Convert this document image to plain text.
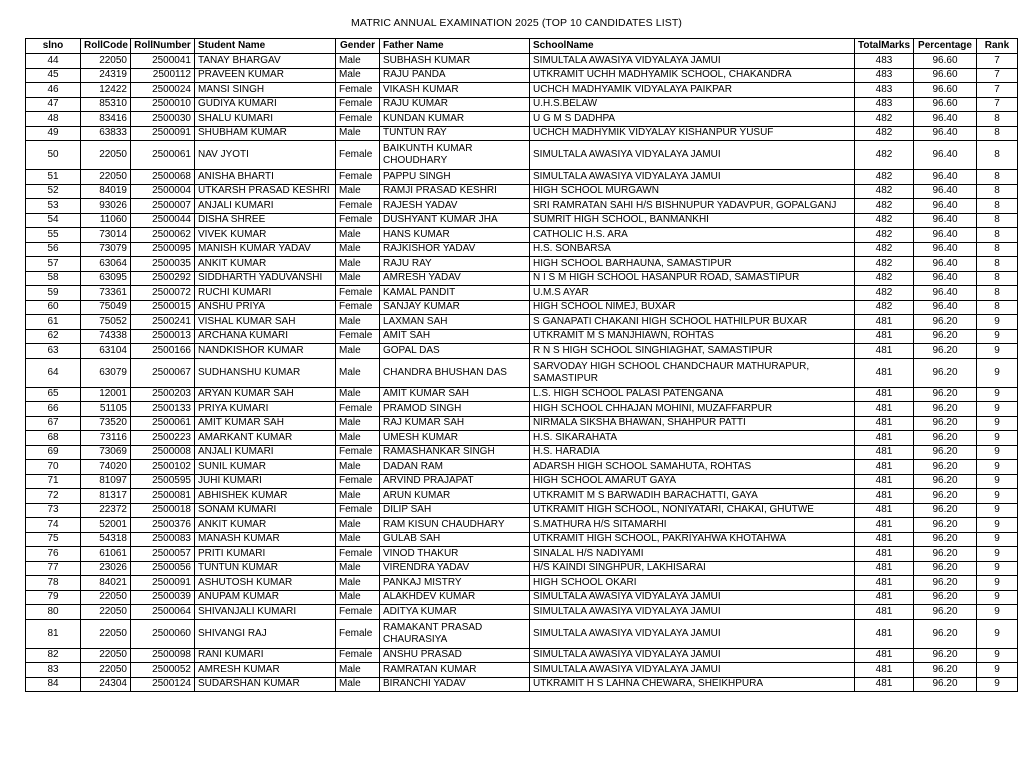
MATRIC ANNUAL EXAMINATION 2025 (TOP 10 CANDIDATES LIST)
slno	RollCode	RollNumber	Student Name	Gender	Father Name	SchoolName	TotalMarks	Percentage	Rank
44	22050	2500041	TANAY BHARGAV	Male	SUBHASH KUMAR	SIMULTALA AWASIYA VIDYALAYA JAMUI	483	96.60	7
45	24319	2500112	PRAVEEN KUMAR	Male	RAJU PANDA	UTKRAMIT UCHH MADHYAMIK SCHOOL, CHAKANDRA	483	96.60	7
46	12422	2500024	MANSI SINGH	Female	VIKASH KUMAR	UCHCH MADHYAMIK VIDYALAYA PAIKPAR	483	96.60	7
47	85310	2500010	GUDIYA KUMARI	Female	RAJU KUMAR	U.H.S.BELAW	483	96.60	7
48	83416	2500030	SHALU KUMARI	Female	KUNDAN KUMAR	U G M S DADHPA	482	96.40	8
49	63833	2500091	SHUBHAM KUMAR	Male	TUNTUN RAY	UCHCH MADHYMIK VIDYALAY KISHANPUR YUSUF	482	96.40	8
50	22050	2500061	NAV JYOTI	Female	BAIKUNTH KUMAR CHOUDHARY	SIMULTALA AWASIYA VIDYALAYA JAMUI	482	96.40	8
51	22050	2500068	ANISHA BHARTI	Female	PAPPU SINGH	SIMULTALA AWASIYA VIDYALAYA JAMUI	482	96.40	8
52	84019	2500004	UTKARSH PRASAD KESHRI	Male	RAMJI PRASAD KESHRI	HIGH SCHOOL MURGAWN	482	96.40	8
53	93026	2500007	ANJALI KUMARI	Female	RAJESH YADAV	SRI RAMRATAN SAHI H/S BISHNUPUR YADAVPUR, GOPALGANJ	482	96.40	8
54	11060	2500044	DISHA SHREE	Female	DUSHYANT KUMAR JHA	SUMRIT HIGH SCHOOL, BANMANKHI	482	96.40	8
55	73014	2500062	VIVEK KUMAR	Male	HANS KUMAR	CATHOLIC H.S. ARA	482	96.40	8
56	73079	2500095	MANISH KUMAR YADAV	Male	RAJKISHOR YADAV	H.S. SONBARSA	482	96.40	8
57	63064	2500035	ANKIT KUMAR	Male	RAJU RAY	HIGH SCHOOL BARHAUNA, SAMASTIPUR	482	96.40	8
58	63095	2500292	SIDDHARTH YADUVANSHI	Male	AMRESH YADAV	N I S M HIGH SCHOOL HASANPUR ROAD, SAMASTIPUR	482	96.40	8
59	73361	2500072	RUCHI KUMARI	Female	KAMAL PANDIT	U.M.S AYAR	482	96.40	8
60	75049	2500015	ANSHU PRIYA	Female	SANJAY KUMAR	HIGH SCHOOL NIMEJ, BUXAR	482	96.40	8
61	75052	2500241	VISHAL KUMAR SAH	Male	LAXMAN SAH	S GANAPATI CHAKANI HIGH SCHOOL HATHILPUR BUXAR	481	96.20	9
62	74338	2500013	ARCHANA KUMARI	Female	AMIT SAH	UTKRAMIT M S MANJHIAWN, ROHTAS	481	96.20	9
63	63104	2500166	NANDKISHOR KUMAR	Male	GOPAL DAS	R N S HIGH SCHOOL SINGHIAGHAT, SAMASTIPUR	481	96.20	9
64	63079	2500067	SUDHANSHU KUMAR	Male	CHANDRA BHUSHAN DAS	SARVODAY HIGH SCHOOL CHANDCHAUR MATHURAPUR, SAMASTIPUR	481	96.20	9
65	12001	2500203	ARYAN KUMAR SAH	Male	AMIT KUMAR SAH	L.S. HIGH SCHOOL PALASI PATENGANA	481	96.20	9
66	51105	2500133	PRIYA KUMARI	Female	PRAMOD SINGH	HIGH SCHOOL CHHAJAN MOHINI, MUZAFFARPUR	481	96.20	9
67	73520	2500061	AMIT KUMAR SAH	Male	RAJ KUMAR SAH	NIRMALA SIKSHA BHAWAN, SHAHPUR PATTI	481	96.20	9
68	73116	2500223	AMARKANT KUMAR	Male	UMESH KUMAR	H.S. SIKARAHATA	481	96.20	9
69	73069	2500008	ANJALI KUMARI	Female	RAMASHANKAR SINGH	H.S. HARADIA	481	96.20	9
70	74020	2500102	SUNIL KUMAR	Male	DADAN RAM	ADARSH HIGH SCHOOL SAMAHUTA, ROHTAS	481	96.20	9
71	81097	2500595	JUHI KUMARI	Female	ARVIND PRAJAPAT	HIGH SCHOOL AMARUT GAYA	481	96.20	9
72	81317	2500081	ABHISHEK KUMAR	Male	ARUN KUMAR	UTKRAMIT M S BARWADIH BARACHATTI, GAYA	481	96.20	9
73	22372	2500018	SONAM KUMARI	Female	DILIP SAH	UTKRAMIT HIGH SCHOOL, NONIYATARI, CHAKAI, GHUTWE	481	96.20	9
74	52001	2500376	ANKIT KUMAR	Male	RAM KISUN CHAUDHARY	S.MATHURA H/S SITAMARHI	481	96.20	9
75	54318	2500083	MANASH KUMAR	Male	GULAB SAH	UTKRAMIT HIGH SCHOOL, PAKRIYAHWA KHOTAHWA	481	96.20	9
76	61061	2500057	PRITI KUMARI	Female	VINOD THAKUR	SINALAL H/S NADIYAMI	481	96.20	9
77	23026	2500056	TUNTUN KUMAR	Male	VIRENDRA YADAV	H/S KAINDI SINGHPUR, LAKHISARAI	481	96.20	9
78	84021	2500091	ASHUTOSH KUMAR	Male	PANKAJ MISTRY	HIGH SCHOOL OKARI	481	96.20	9
79	22050	2500039	ANUPAM KUMAR	Male	ALAKHDEV KUMAR	SIMULTALA AWASIYA VIDYALAYA JAMUI	481	96.20	9
80	22050	2500064	SHIVANJALI KUMARI	Female	ADITYA KUMAR	SIMULTALA AWASIYA VIDYALAYA JAMUI	481	96.20	9
81	22050	2500060	SHIVANGI RAJ	Female	RAMAKANT PRASAD CHAURASIYA	SIMULTALA AWASIYA VIDYALAYA JAMUI	481	96.20	9
82	22050	2500098	RANI KUMARI	Female	ANSHU PRASAD	SIMULTALA AWASIYA VIDYALAYA JAMUI	481	96.20	9
83	22050	2500052	AMRESH KUMAR	Male	RAMRATAN KUMAR	SIMULTALA AWASIYA VIDYALAYA JAMUI	481	96.20	9
84	24304	2500124	SUDARSHAN KUMAR	Male	BIRANCHI YADAV	UTKRAMIT H S LAHNA CHEWARA, SHEIKHPURA	481	96.20	9
